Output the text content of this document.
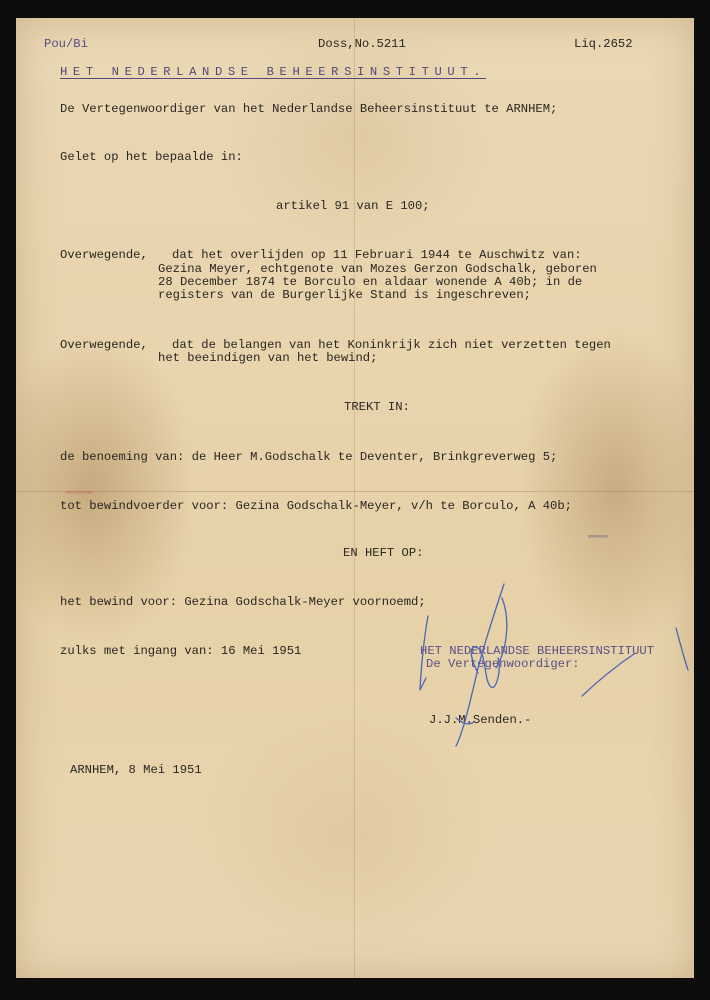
Pou/Bi	Doss,No.5211	Liq.2652
HET NEDERLANDSE BEHEERSINSTITUUT.
De Vertegenwoordiger van het Nederlandse Beheersinstituut te ARNHEM;
Gelet op het bepaalde in:
artikel 91 van E 100;
Overwegende, dat het overlijden op 11 Februari 1944 te Auschwitz van:
Gezina Meyer, echtgenote van Mozes Gerzon Godschalk, geboren
28 December 1874 te Borculo en aldaar wonende A 40b; in de
registers van de Burgerlijke Stand is ingeschreven;
Overwegende, dat de belangen van het Koninkrijk zich niet verzetten tegen
het beeindigen van het bewind;
TREKT IN:
de benoeming van: de Heer M.Godschalk te Deventer, Brinkgreverweg 5;
▬▬▬▬
tot bewindvoerder voor: Gezina Godschalk-Meyer, v/h te Borculo, A 40b;
▬▬▬
EN HEFT OP:
het bewind voor: Gezina Godschalk-Meyer voornoemd;
zulks met ingang van: 16 Mei 1951	HET NEDERLANDSE BEHEERSINSTITUUT
De Vertegenwoordiger:
J.J.M.Senden.-
ARNHEM, 8 Mei 1951
